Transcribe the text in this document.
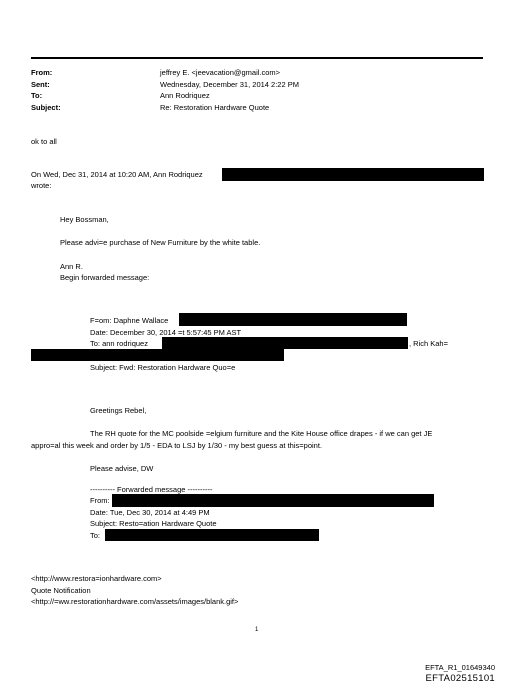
From:	jeffrey E. <jeevacation@gmail.com>
Sent:	Wednesday, December 31, 2014 2:22 PM
To:	Ann Rodriquez
Subject:	Re: Restoration Hardware Quote
ok to all
On Wed, Dec 31, 2014 at 10:20 AM, Ann Rodriquez
wrote:
Hey Bossman,
Please advi=e purchase of New Furniture by the white table.
Ann R.
Begin forwarded message:
F=om: Daphne Wallace
Date: December 30, 2014 =t 5:57:45 PM AST
To: ann rodriquez	, Rich Kah=
Subject: Fwd: Restoration Hardware Quo=e
Greetings Rebel,
The RH quote for the MC poolside =elgium furniture and the Kite House office drapes - if we can get JE
appro=al this week and order by 1/5 - EDA to LSJ by 1/30 - my best guess at this=point.
Please advise, DW
---------- Forwarded message ----------
From:
Date: Tue, Dec 30, 2014 at 4:49 PM
Subject: Resto=ation Hardware Quote
To:
<http://www.restora=ionhardware.com>
Quote Notification
<http://=ww.restorationhardware.com/assets/images/blank.gif>
1
EFTA_R1_01649340
EFTA02515101
